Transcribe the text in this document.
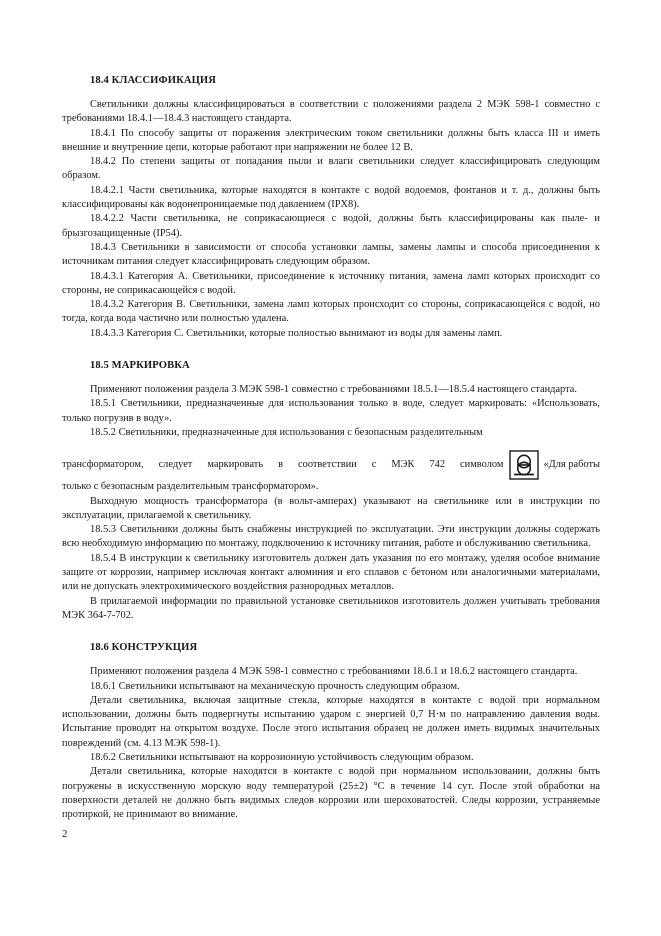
18.4 КЛАССИФИКАЦИЯ

Светильники должны классифицироваться в соответствии с положениями раздела 2 МЭК 598-1 совместно с требованиями 18.4.1—18.4.3 настоящего стандарта.

18.4.1 По способу защиты от поражения электрическим током светильники должны быть класса III и иметь внешние и внутренние цепи, которые работают при напряжении не более 12 В.

18.4.2 По степени защиты от попадания пыли и влаги светильники следует классифицировать следующим образом.

18.4.2.1 Части светильника, которые находятся в контакте с водой водоемов, фонтанов и т. д., должны быть классифицированы как водонепроницаемые под давлением (IPX8).

18.4.2.2 Части светильника, не соприкасающиеся с водой, должны быть классифицированы как пыле- и брызгозащищенные (IP54).

18.4.3 Светильники в зависимости от способа установки лампы, замены лампы и способа присоединения к источникам питания следует классифицировать следующим образом.

18.4.3.1 Категория А. Светильники, присоединение к источнику питания, замена ламп которых происходит со стороны, не соприкасающейся с водой.

18.4.3.2 Категория В. Светильники, замена ламп которых происходит со стороны, соприкасающейся с водой, но тогда, когда вода частично или полностью удалена.

18.4.3.3 Категория С. Светильники, которые полностью вынимают из воды для замены ламп.

18.5 МАРКИРОВКА

Применяют положения раздела 3 МЭК 598-1 совместно с требованиями 18.5.1—18.5.4 настоящего стандарта.

18.5.1 Светильники, предназначенные для использования только в воде, следует маркировать: «Использовать, только погрузив в воду».

18.5.2 Светильники, предназначенные для использования с безопасным разделительным

трансформатором, следует маркировать в соответствии с МЭК 742 символом	«Для работы

только с безопасным разделительным трансформатором».

Выходную мощность трансформатора (в вольт-амперах) указывают на светильнике или в инструкции по эксплуатации, прилагаемой к светильнику.

18.5.3 Светильники должны быть снабжены инструкцией по эксплуатации. Эти инструкции должны содержать всю необходимую информацию по монтажу, подключению к источнику питания, работе и обслуживанию светильника.

18.5.4 В инструкции к светильнику изготовитель должен дать указания по его монтажу, уделяя особое внимание защите от коррозии, например исключая контакт алюминия и его сплавов с бетоном или аналогичными материалами, или не допускать электрохимического воздействия разнородных металлов.

В прилагаемой информации по правильной установке светильников изготовитель должен учитывать требования МЭК 364-7-702.

18.6 КОНСТРУКЦИЯ

Применяют положения раздела 4 МЭК 598-1 совместно с требованиями 18.6.1 и 18.6.2 настоящего стандарта.

18.6.1 Светильники испытывают на механическую прочность следующим образом.

Детали светильника, включая защитные стекла, которые находятся в контакте с водой при нормальном использовании, должны быть подвергнуты испытанию ударом с энергией 0,7 Н·м по направлению давления воды. Испытание проводят на открытом воздухе. После этого испытания образец не должен иметь видимых значительных повреждений (см. 4.13 МЭК 598-1).

18.6.2 Светильники испытывают на коррозионную устойчивость следующим образом.

Детали светильника, которые находятся в контакте с водой при нормальном использовании, должны быть погружены в искусственную морскую воду температурой (25±2) °С в течение 14 сут. После этой обработки на поверхности деталей не должно быть видимых следов коррозии или шероховатостей. Следы коррозии, устраняемые протиркой, не принимают во внимание.

2
